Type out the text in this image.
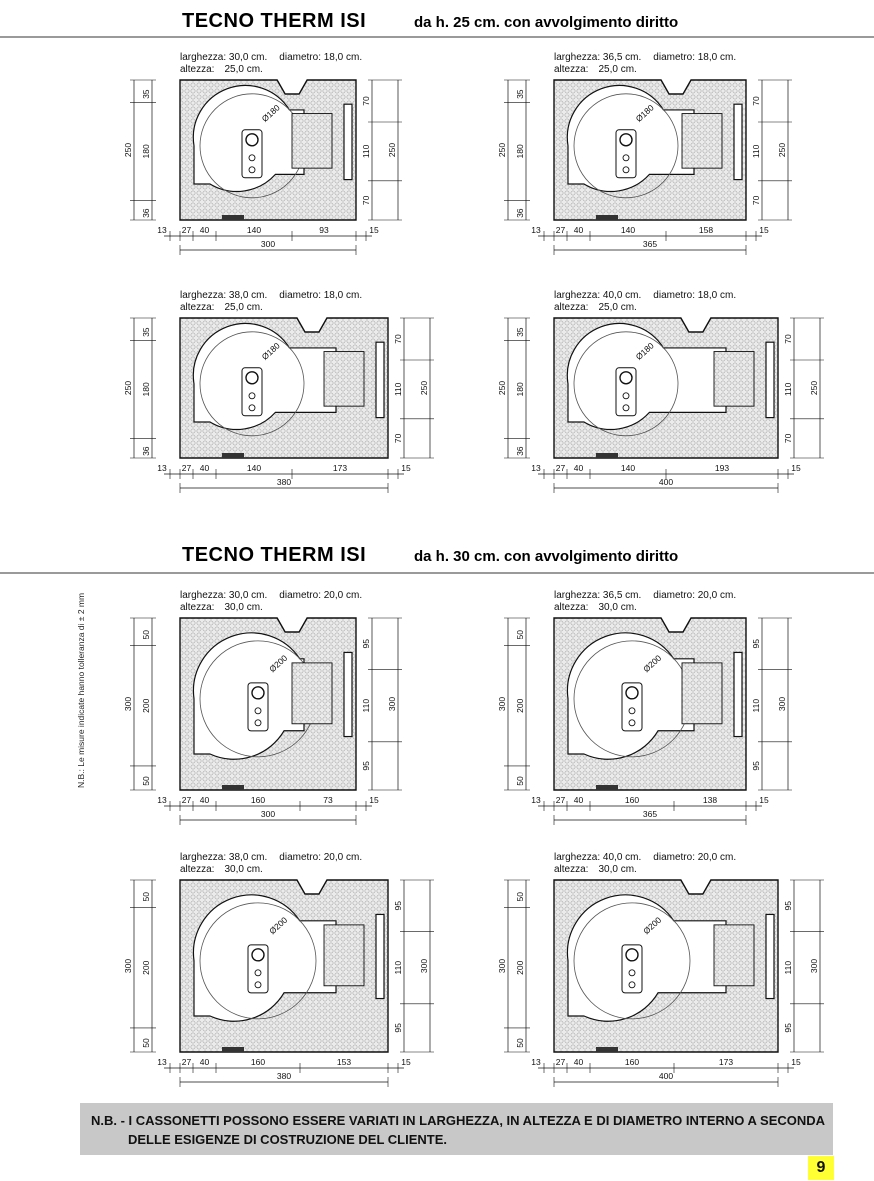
TECNO THERM ISI	da h. 25 cm. con avvolgimento diritto
TECNO THERM ISI	da h. 30 cm. con avvolgimento diritto
N.B.: Le misure indicate hanno tolleranza di ± 2 mm
larghezza: 30,0 cm. diametro: 18,0 cm.
altezza: 25,0 cm.
Ø180
250
35
180
36
70
110
70
250
13 27 40	140	93	15
300
larghezza: 36,5 cm. diametro: 18,0 cm.
altezza: 25,0 cm.
Ø180
250
35
180
36
70
110
70
250
13 27 40	140	158	15
365
larghezza: 38,0 cm. diametro: 18,0 cm.
altezza: 25,0 cm.
Ø180
250
35
180
36
70
110
70
250
13 27 40	140	173	15
380
larghezza: 40,0 cm. diametro: 18,0 cm.
altezza: 25,0 cm.
Ø180
250
35
180
36
70
110
70
250
13 27 40	140	193	15
400
larghezza: 30,0 cm. diametro: 20,0 cm.
altezza: 30,0 cm.
Ø200
300
50
200
50
95
110
95
300
13 27 40	160	73	15
300
larghezza: 36,5 cm. diametro: 20,0 cm.
altezza: 30,0 cm.
Ø200
300
50
200
50
95
110
95
300
13 27 40	160	138	15
365
larghezza: 38,0 cm. diametro: 20,0 cm.
altezza: 30,0 cm.
Ø200
300
50
200
50
95
110
95
300
13 27 40	160	153	15
380
larghezza: 40,0 cm. diametro: 20,0 cm.
altezza: 30,0 cm.
Ø200
300
50
200
50
95
110
95
300
13 27 40	160	173	15
400
N.B. - I CASSONETTI POSSONO ESSERE VARIATI IN LARGHEZZA, IN ALTEZZA E DI DIAMETRO INTERNO A SECONDA
DELLE ESIGENZE DI COSTRUZIONE DEL CLIENTE.
9
